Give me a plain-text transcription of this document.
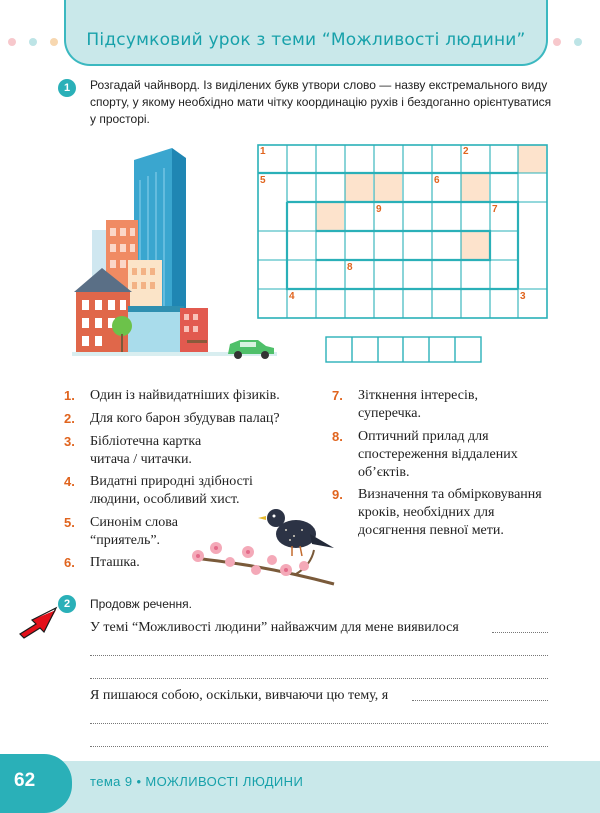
Підсумковий урок з теми “Можливості людини”
1	Розгадай чайнворд. Із виділених букв утвори слово — назву екстремального виду спорту, у якому необхідно мати чітку координацію рухів і бездоганно орієнтуватися у просторі.
1	2
5	6
9	7
8
4	3
1. Один із найвидатніших фізиків.
2. Для кого барон збудував палац?
3. Бібліотечна картка читача / читачки.
4. Видатні природні здібності людини, особливий хист.
5. Синонім слова “приятель”.
6. Пташка.
7. Зіткнення інтересів, суперечка.
8. Оптичний прилад для спостереження віддалених об’єктів.
9. Визначення та обмірковування кроків, необхідних для досягнення певної мети.
2	Продовж речення.
У темі “Можливості людини” найважчим для мене виявилося
Я пишаюся собою, оскільки, вивчаючи цю тему, я
62	тема 9 • МОЖЛИВОСТІ ЛЮДИНИ
